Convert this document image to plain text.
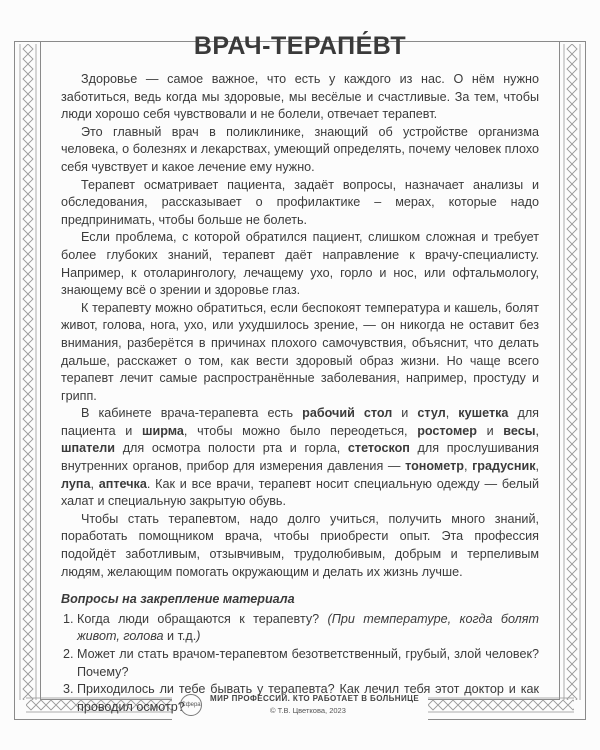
ВРАЧ-ТЕРАПЕ́ВТ

Здоровье — самое важное, что есть у каждого из нас. О нём нужно заботиться, ведь когда мы здоровые, мы весёлые и счастливые. За тем, чтобы люди хорошо себя чувствовали и не болели, отвечает терапевт.

Это главный врач в поликлинике, знающий об устройстве организма человека, о болезнях и лекарствах, умеющий определять, почему человек плохо себя чувствует и какое лечение ему нужно.

Терапевт осматривает пациента, задаёт вопросы, назначает анализы и обследования, рассказывает о профилактике – мерах, которые надо предпринимать, чтобы больше не болеть.

Если проблема, с которой обратился пациент, слишком сложная и требует более глубоких знаний, терапевт даёт направление к врачу-специалисту. Например, к отоларингологу, лечащему ухо, горло и нос, или офтальмологу, знающему всё о зрении и здоровье глаз.

К терапевту можно обратиться, если беспокоят температура и кашель, болят живот, голова, нога, ухо, или ухудшилось зрение, — он никогда не оставит без внимания, разберётся в причинах плохого самочувствия, объяснит, что делать дальше, расскажет о том, как вести здоровый образ жизни. Но чаще всего терапевт лечит самые распространённые заболевания, например, простуду и грипп.

В кабинете врача-терапевта есть рабочий стол и стул, кушетка для пациента и ширма, чтобы можно было переодеться, ростомер и весы, шпатели для осмотра полости рта и горла, стетоскоп для прослушивания внутренних органов, прибор для измерения давления — тонометр, градусник, лупа, аптечка. Как и все врачи, терапевт носит специальную одежду — белый халат и специальную закрытую обувь.

Чтобы стать терапевтом, надо долго учиться, получить много знаний, поработать помощником врача, чтобы приобрести опыт. Эта профессия подойдёт заботливым, отзывчивым, трудолюбивым, добрым и терпеливым людям, желающим помогать окружающим и делать их жизнь лучше.

Вопросы на закрепление материала
1. Когда люди обращаются к терапевту? (При температуре, когда болят живот, голова и т.д.)
2. Может ли стать врачом-терапевтом безответственный, грубый, злой человек? Почему?
3. Приходилось ли тебе бывать у терапевта? Как лечил тебя этот доктор и как проводил осмотр?
Сфера
МИР ПРОФЕССИЙ. КТО РАБОТАЕТ В БОЛЬНИЦЕ
© Т.В. Цветкова, 2023
